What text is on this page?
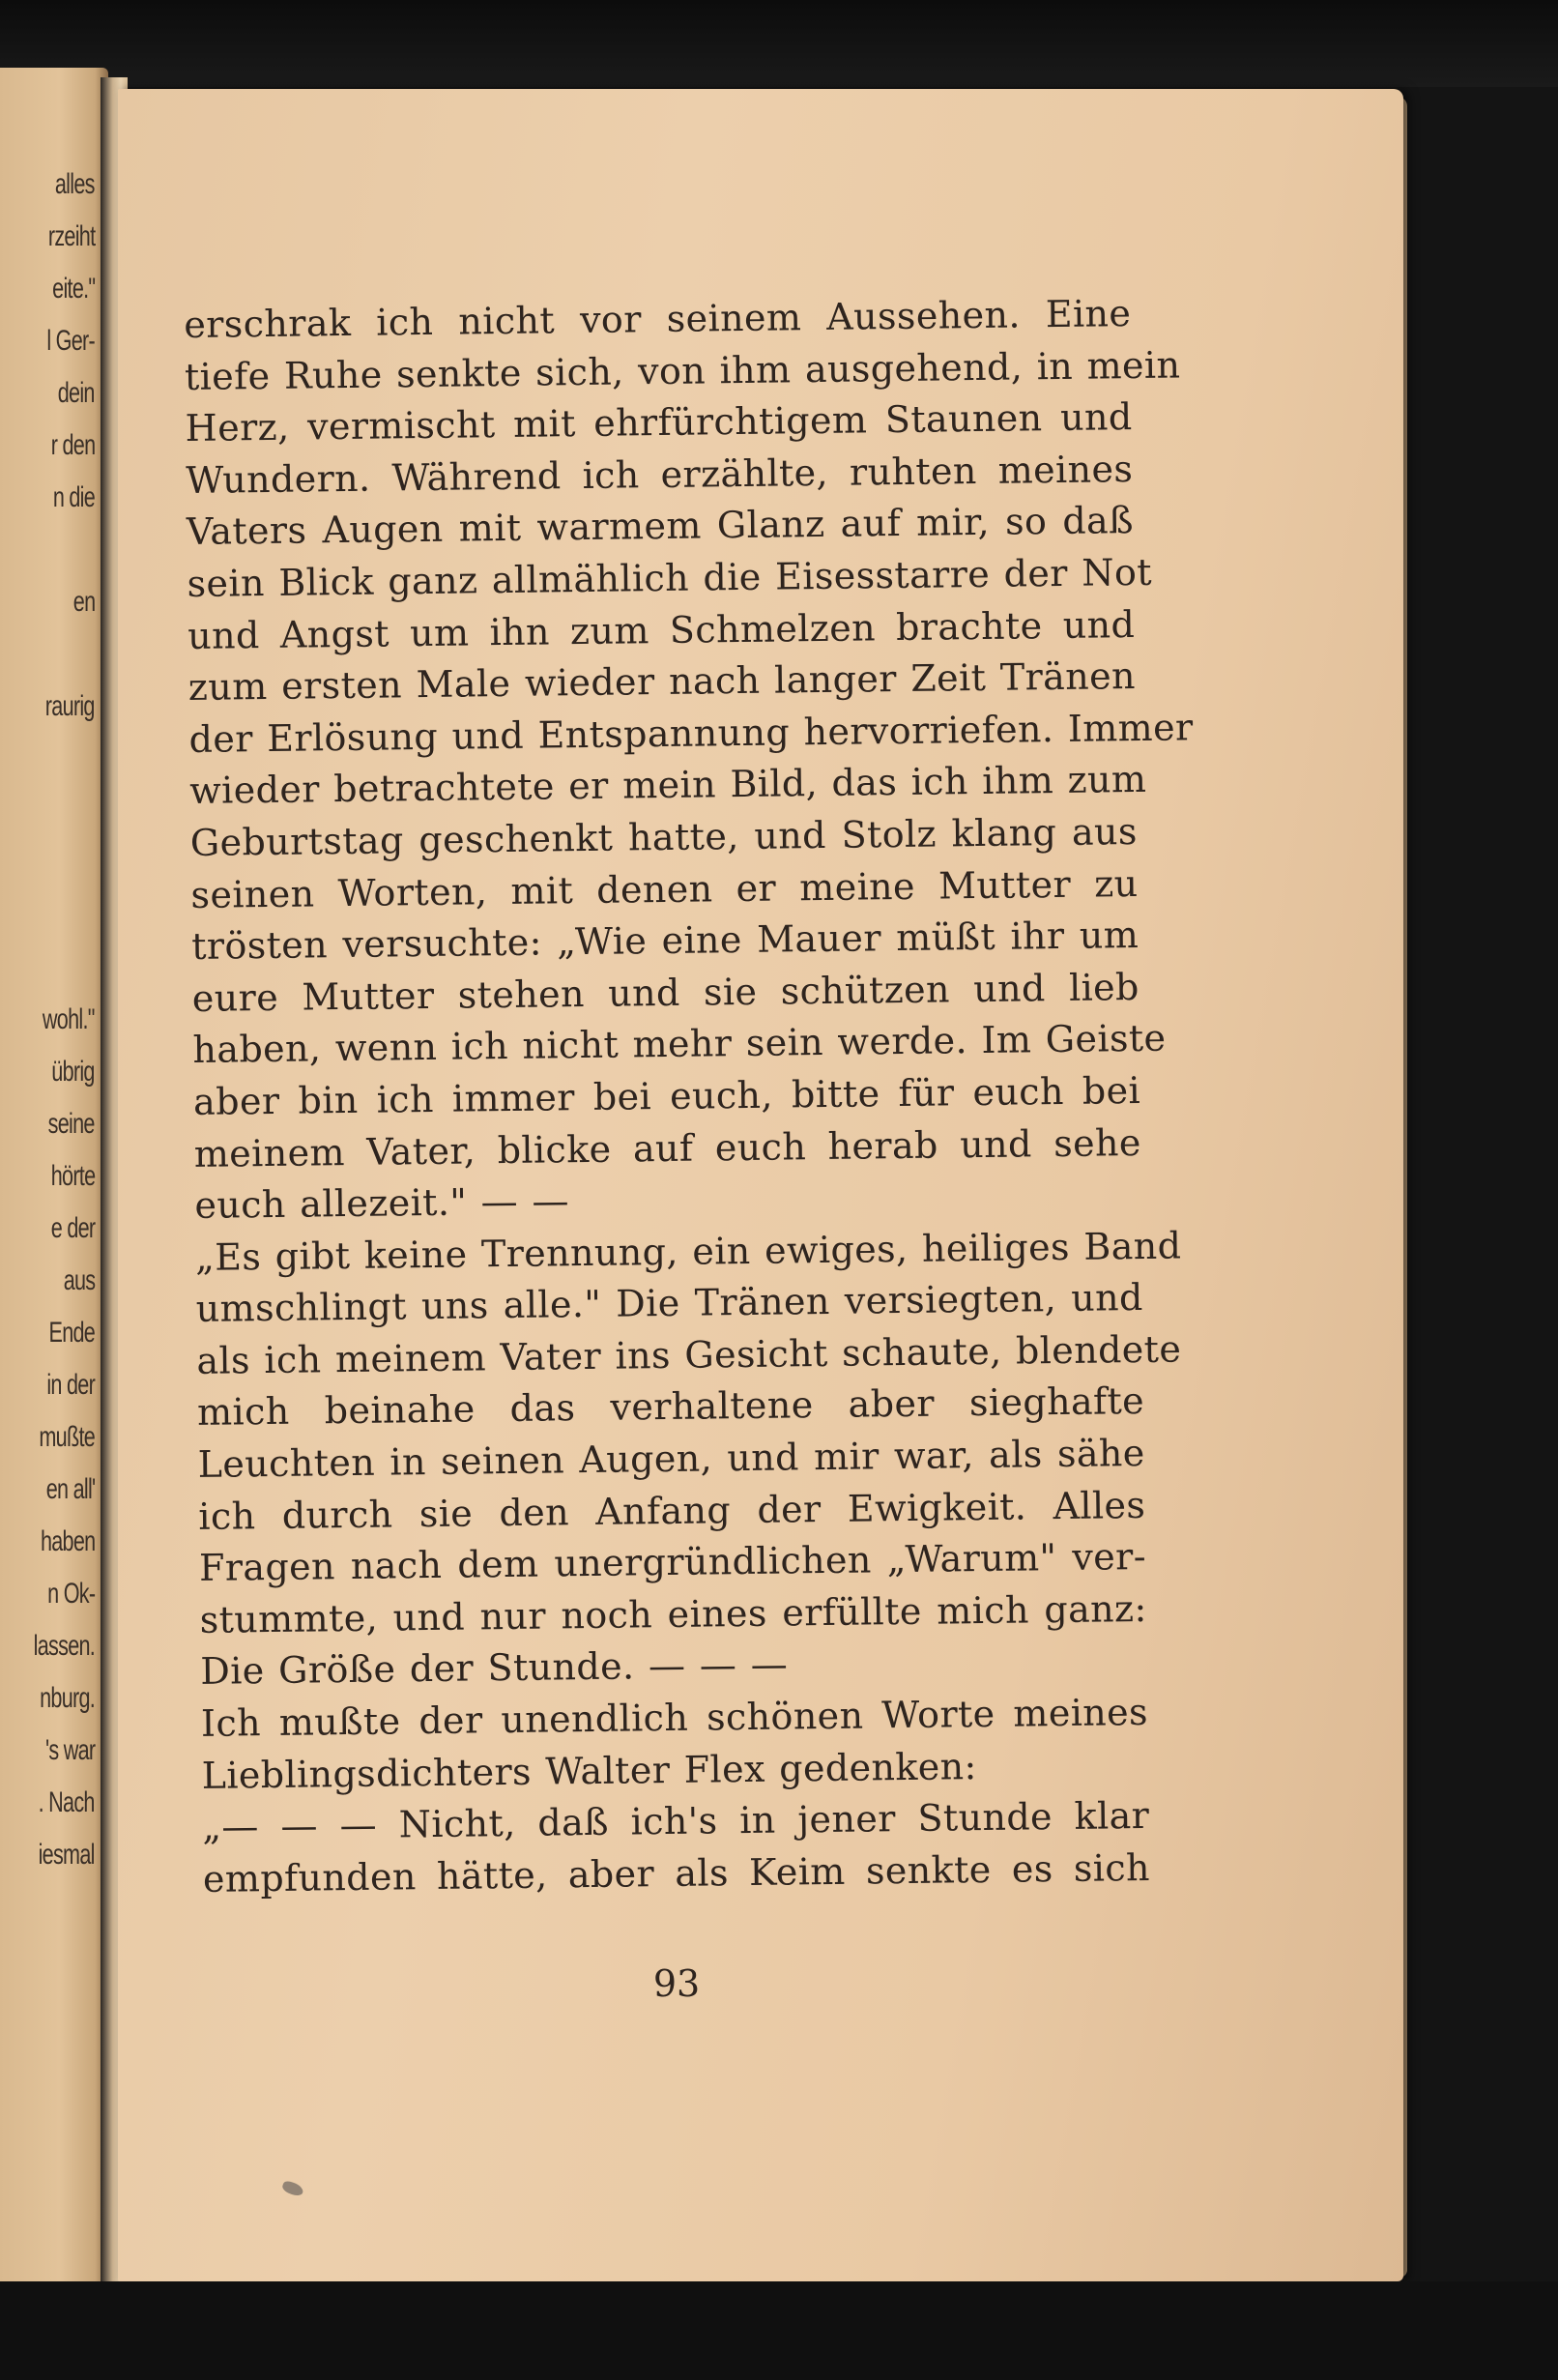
alles
rzeiht
eite."
l Ger-
dein
r den
n die
en
raurig
wohl."
übrig
seine
hörte
e der
aus
Ende
in der
mußte
en all'
haben
n Ok-
lassen.
nburg.
's war
. Nach
iesmal
erschrak ich nicht vor seinem Aussehen. Eine
tiefe Ruhe senkte sich, von ihm ausgehend, in mein
Herz, vermischt mit ehrfürchtigem Staunen und
Wundern. Während ich erzählte, ruhten meines
Vaters Augen mit warmem Glanz auf mir, so daß
sein Blick ganz allmählich die Eisesstarre der Not
und Angst um ihn zum Schmelzen brachte und
zum ersten Male wieder nach langer Zeit Tränen
der Erlösung und Entspannung hervorriefen. Immer
wieder betrachtete er mein Bild, das ich ihm zum
Geburtstag geschenkt hatte, und Stolz klang aus
seinen Worten, mit denen er meine Mutter zu
trösten versuchte: „Wie eine Mauer müßt ihr um
eure Mutter stehen und sie schützen und lieb
haben, wenn ich nicht mehr sein werde. Im Geiste
aber bin ich immer bei euch, bitte für euch bei
meinem Vater, blicke auf euch herab und sehe
euch allezeit." — —
„Es gibt keine Trennung, ein ewiges, heiliges Band
umschlingt uns alle." Die Tränen versiegten, und
als ich meinem Vater ins Gesicht schaute, blendete
mich beinahe das verhaltene aber sieghafte
Leuchten in seinen Augen, und mir war, als sähe
ich durch sie den Anfang der Ewigkeit. Alles
Fragen nach dem unergründlichen „Warum" ver-
stummte, und nur noch eines erfüllte mich ganz:
Die Größe der Stunde. — — —
Ich mußte der unendlich schönen Worte meines
Lieblingsdichters Walter Flex gedenken:
„— — — Nicht, daß ich's in jener Stunde klar
empfunden hätte, aber als Keim senkte es sich
93
